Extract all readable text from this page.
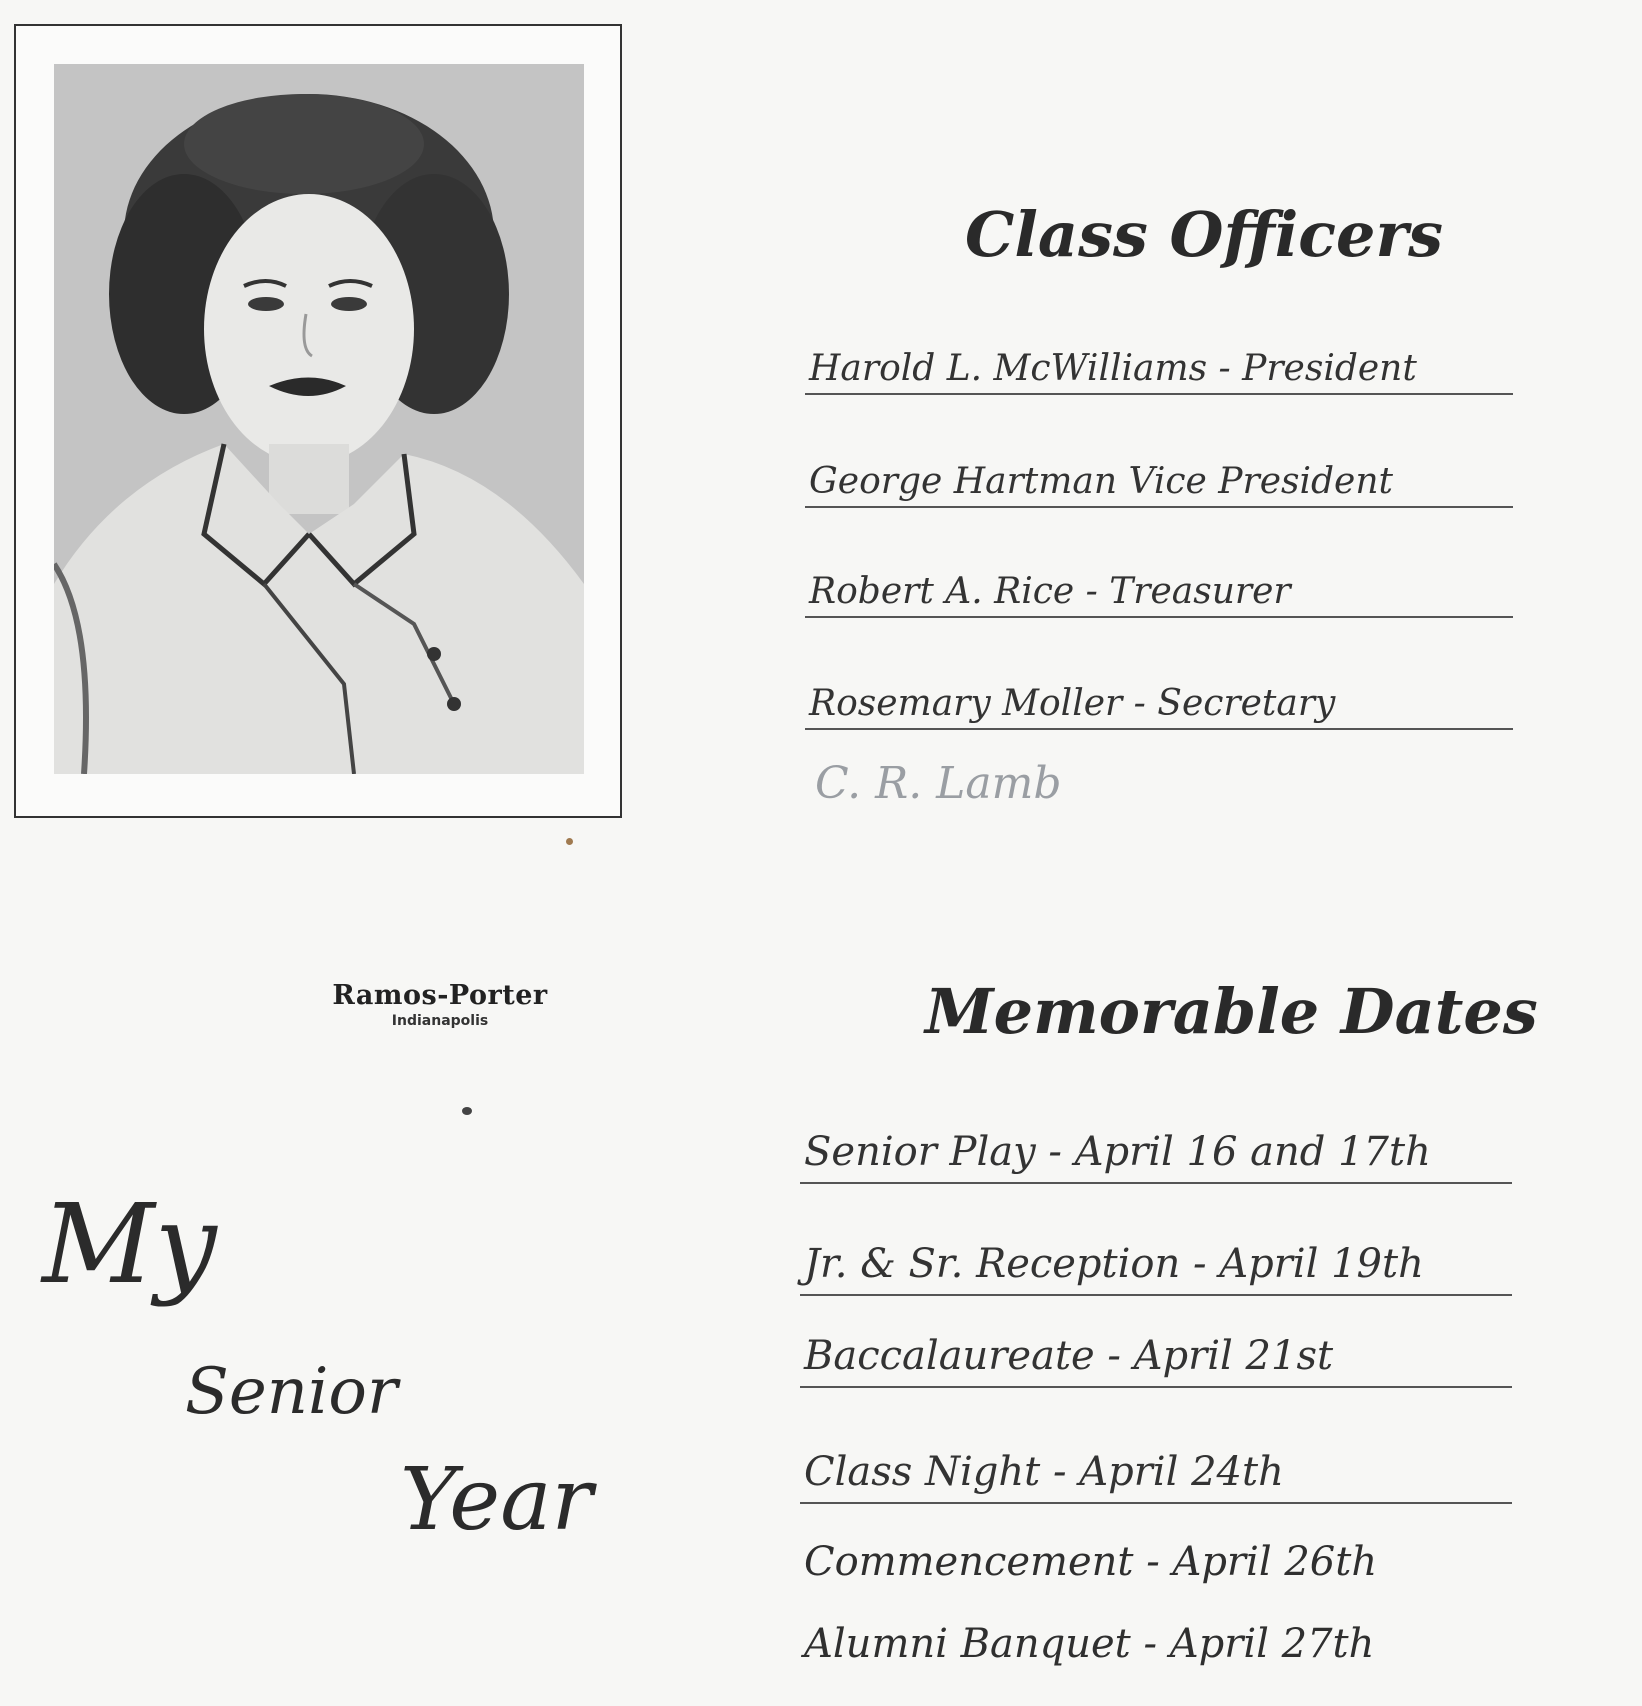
Ramos-Porter
Indianapolis
My
Senior
Year
Class Officers
Harold L. McWilliams - President
George Hartman Vice President
Robert A. Rice - Treasurer
Rosemary Moller - Secretary
C. R. Lamb
Memorable Dates
Senior Play - April 16 and 17th
Jr. & Sr. Reception - April 19th
Baccalaureate - April 21st
Class Night - April 24th
Commencement - April 26th
Alumni Banquet - April 27th
